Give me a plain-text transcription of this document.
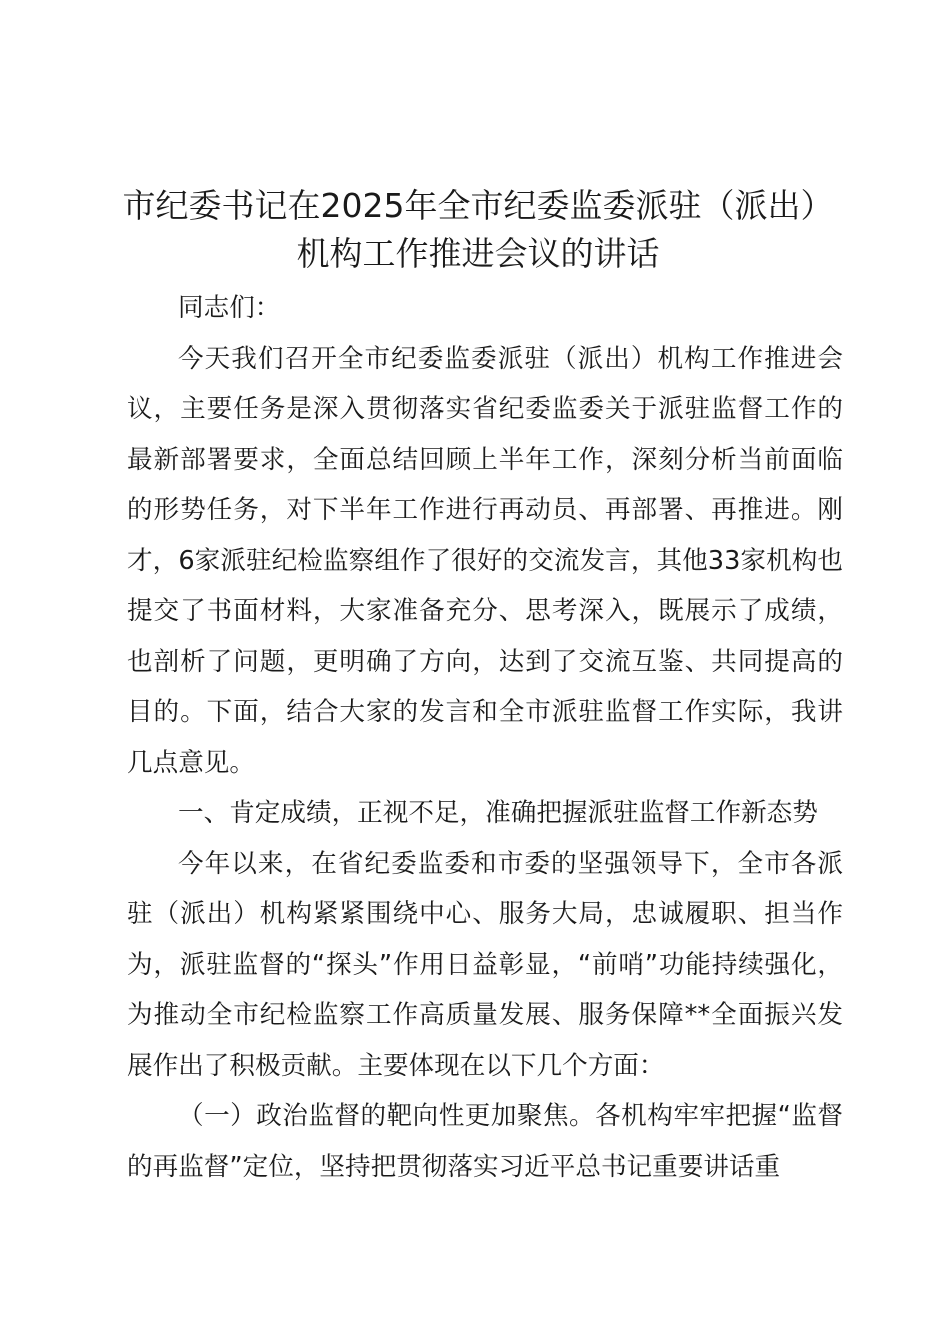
市纪委书记在2025年全市纪委监委派驻（派出）机构工作推进会议的讲话

同志们：

今天我们召开全市纪委监委派驻（派出）机构工作推进会议，主要任务是深入贯彻落实省纪委监委关于派驻监督工作的最新部署要求，全面总结回顾上半年工作，深刻分析当前面临的形势任务，对下半年工作进行再动员、再部署、再推进。刚才，6家派驻纪检监察组作了很好的交流发言，其他33家机构也提交了书面材料，大家准备充分、思考深入，既展示了成绩，也剖析了问题，更明确了方向，达到了交流互鉴、共同提高的目的。下面，结合大家的发言和全市派驻监督工作实际，我讲几点意见。

一、肯定成绩，正视不足，准确把握派驻监督工作新态势

今年以来，在省纪委监委和市委的坚强领导下，全市各派驻（派出）机构紧紧围绕中心、服务大局，忠诚履职、担当作为，派驻监督的“探头”作用日益彰显，“前哨”功能持续强化，为推动全市纪检监察工作高质量发展、服务保障**全面振兴发展作出了积极贡献。主要体现在以下几个方面：

（一）政治监督的靶向性更加聚焦。各机构牢牢把握“监督的再监督”定位，坚持把贯彻落实习近平总书记重要讲话重
